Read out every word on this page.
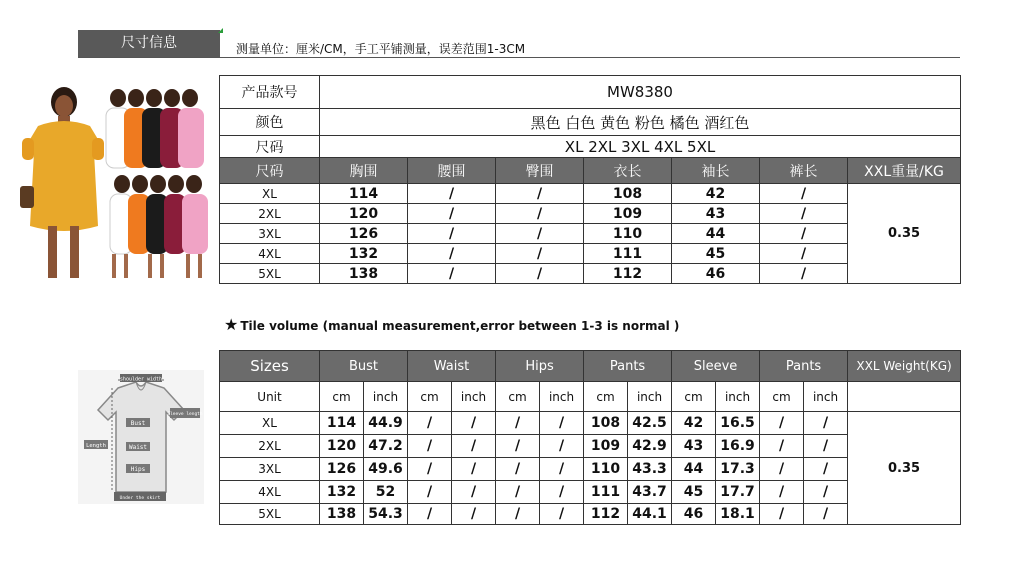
尺寸信息	测量单位：厘米/CM，手工平铺测量，误差范围1-3CM
产品款号	MW8380						
颜色	黑色 白色 黄色 粉色 橘色 酒红色						
尺码	XL 2XL 3XL 4XL 5XL						
尺码	胸围	腰围	臀围	衣长	袖长	裤长	XXL重量/KG
XL	114	/	/	108	42	/	0.35
2XL	120	/	/	109	43	/	
3XL	126	/	/	110	44	/	
4XL	132	/	/	111	45	/	
5XL	138	/	/	112	46	/	
★ Tile volume (manual measurement,error between 1-3 is normal )
shoulder width
Sleeve length
Bust
Waist
Hips
Length
Under the skirt
Sizes	Bust		Waist		Hips		Pants		Sleeve		Pants		XXL Weight(KG)
Unit	cm	inch	cm	inch	cm	inch	cm	inch	cm	inch	cm	inch	
XL	114	44.9	/	/	/	/	108	42.5	42	16.5	/	/	0.35
2XL	120	47.2	/	/	/	/	109	42.9	43	16.9	/	/	
3XL	126	49.6	/	/	/	/	110	43.3	44	17.3	/	/	
4XL	132	52	/	/	/	/	111	43.7	45	17.7	/	/	
5XL	138	54.3	/	/	/	/	112	44.1	46	18.1	/	/	
